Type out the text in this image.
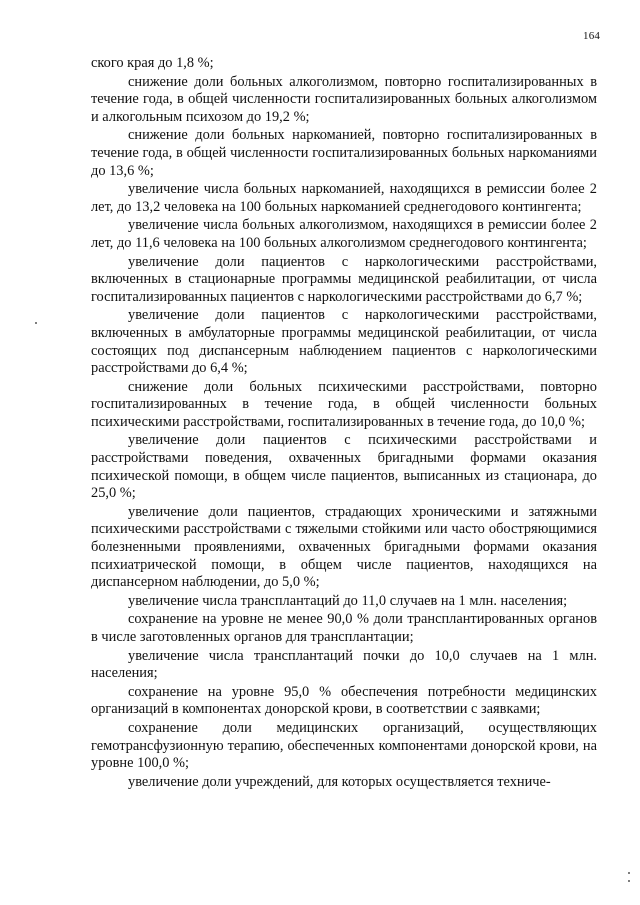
164

ского края до 1,8 %;

снижение доли больных алкоголизмом, повторно госпитализированных в течение года, в общей численности госпитализированных больных алкоголизмом и алкогольным психозом до 19,2 %;

снижение доли больных наркоманией, повторно госпитализированных в течение года, в общей численности госпитализированных больных наркоманиями до 13,6 %;

увеличение числа больных наркоманией, находящихся в ремиссии более 2 лет, до 13,2 человека на 100 больных наркоманией среднегодового контингента;

увеличение числа больных алкоголизмом, находящихся в ремиссии более 2 лет, до 11,6 человека на 100 больных алкоголизмом среднегодового контингента;

увеличение доли пациентов с наркологическими расстройствами, включенных в стационарные программы медицинской реабилитации, от числа госпитализированных пациентов с наркологическими расстройствами до 6,7 %;

увеличение доли пациентов с наркологическими расстройствами, включенных в амбулаторные программы медицинской реабилитации, от числа состоящих под диспансерным наблюдением пациентов с наркологическими расстройствами до 6,4 %;

снижение доли больных психическими расстройствами, повторно госпитализированных в течение года, в общей численности больных психическими расстройствами, госпитализированных в течение года, до 10,0 %;

увеличение доли пациентов с психическими расстройствами и расстройствами поведения, охваченных бригадными формами оказания психической помощи, в общем числе пациентов, выписанных из стационара, до 25,0 %;

увеличение доли пациентов, страдающих хроническими и затяжными психическими расстройствами с тяжелыми стойкими или часто обостряющимися болезненными проявлениями, охваченных бригадными формами оказания психиатрической помощи, в общем числе пациентов, находящихся на диспансерном наблюдении, до 5,0 %;

увеличение числа трансплантаций до 11,0 случаев на 1 млн. населения;

сохранение на уровне не менее 90,0 % доли трансплантированных органов в числе заготовленных органов для трансплантации;

увеличение числа трансплантаций почки до 10,0 случаев на 1 млн. населения;

сохранение на уровне 95,0 % обеспечения потребности медицинских организаций в компонентах донорской крови, в соответствии с заявками;

сохранение доли медицинских организаций, осуществляющих гемотрансфузионную терапию, обеспеченных компонентами донорской крови, на уровне 100,0 %;

увеличение доли учреждений, для которых осуществляется техниче-
